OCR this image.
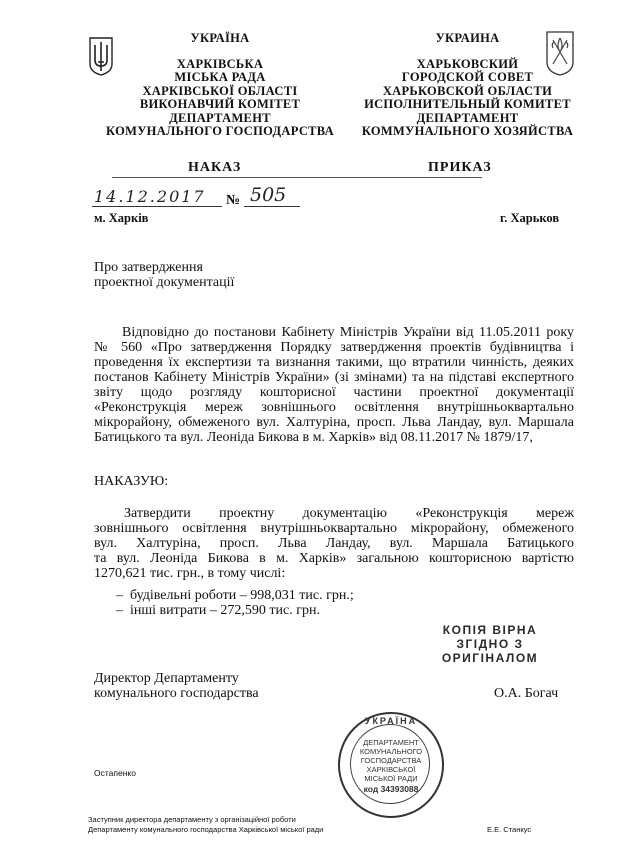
УКРАЇНА
ХАРКІВСЬКА
МІСЬКА РАДА
ХАРКІВСЬКОЇ ОБЛАСТІ
ВИКОНАВЧИЙ КОМІТЕТ
ДЕПАРТАМЕНТ
КОМУНАЛЬНОГО ГОСПОДАРСТВА
УКРАИНА
ХАРЬКОВСКИЙ
ГОРОДСКОЙ СОВЕТ
ХАРЬКОВСКОЙ ОБЛАСТИ
ИСПОЛНИТЕЛЬНЫЙ КОМИТЕТ
ДЕПАРТАМЕНТ
КОММУНАЛЬНОГО ХОЗЯЙСТВА
НАКАЗ	ПРИКАЗ
14.12.2017 № 505
м. Харків	г. Харьков
Про затвердження
проектної документації
Відповідно до постанови Кабінету Міністрів України від 11.05.2011 року
№ 560 «Про затвердження Порядку затвердження проектів будівництва і
проведення їх експертизи та визнання такими, що втратили чинність, деяких
постанов Кабінету Міністрів України» (зі змінами) та на підставі експертного
звіту щодо розгляду кошторисної частини проектної документації
«Реконструкція мереж зовнішнього освітлення внутрішньоквартально
мікрорайону, обмеженого вул. Халтуріна, просп. Льва Ландау, вул. Маршала
Батицького та вул. Леоніда Бикова в м. Харків» від 08.11.2017 № 1879/17,
НАКАЗУЮ:
Затвердити проектну документацію «Реконструкція мереж
зовнішнього освітлення внутрішньоквартально мікрорайону, обмеженого
вул. Халтуріна, просп. Льва Ландау, вул. Маршала Батицького
та вул. Леоніда Бикова в м. Харків» загальною кошторисною вартістю
1270,621 тис. грн., в тому числі:
–  будівельні роботи – 998,031 тис. грн.;
–  інші витрати – 272,590 тис. грн.
КОПІЯ ВІРНА
ЗГІДНО З
ОРИГІНАЛОМ
Директор Департаменту
комунального господарства	О.А. Богач
УКРАЇНА
ДЕПАРТАМЕНТ
КОМУНАЛЬНОГО
ГОСПОДАРСТВА
ХАРКІВСЬКОЇ
МІСЬКОЇ РАДИ
код 34393088
Остапенко
Заступник директора департаменту з організаційної роботи
Департаменту комунального господарства Харківської міської ради	Е.Е. Станкус
